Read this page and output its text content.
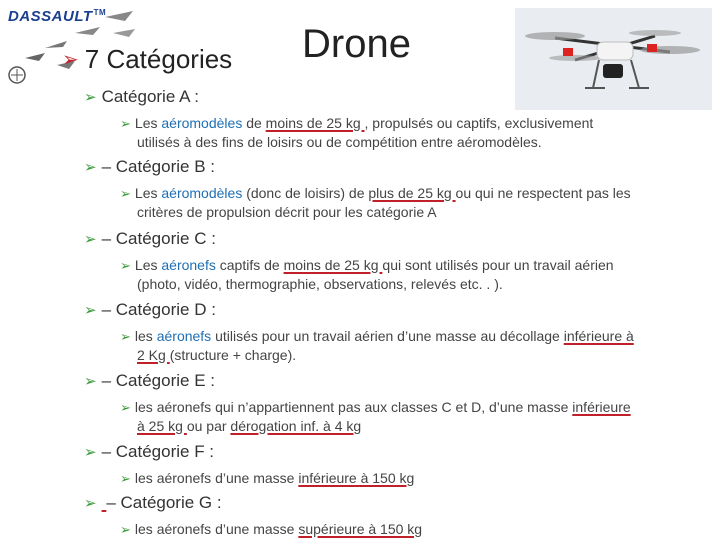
DASSAULT™
➢ 7 Catégories Drone
➢ Catégorie A :
➢ Les aéromodèles de moins de 25 kg , propulsés ou captifs, exclusivement
utilisés à des fins de loisirs ou de compétition entre aéromodèles.
➢ – Catégorie B :
➢ Les aéromodèles (donc de loisirs) de plus de 25 kg ou qui ne respectent pas les
critères de propulsion décrit pour les catégorie A
➢ – Catégorie C :
➢ Les aéronefs captifs de moins de 25 kg qui sont utilisés pour un travail aérien
(photo, vidéo, thermographie, observations, relevés etc. . ).
➢ – Catégorie D :
➢ les aéronefs utilisés pour un travail aérien d’une masse au décollage inférieure à
2 Kg (structure + charge).
➢ – Catégorie E :
➢ les aéronefs qui n’appartiennent pas aux classes C et D, d’une masse inférieure
à 25 kg ou par dérogation inf. à 4 kg
➢ – Catégorie F :
➢ les aéronefs d’une masse inférieure à 150 kg
➢ – Catégorie G :
➢ les aéronefs d’une masse supérieure à 150 kg
